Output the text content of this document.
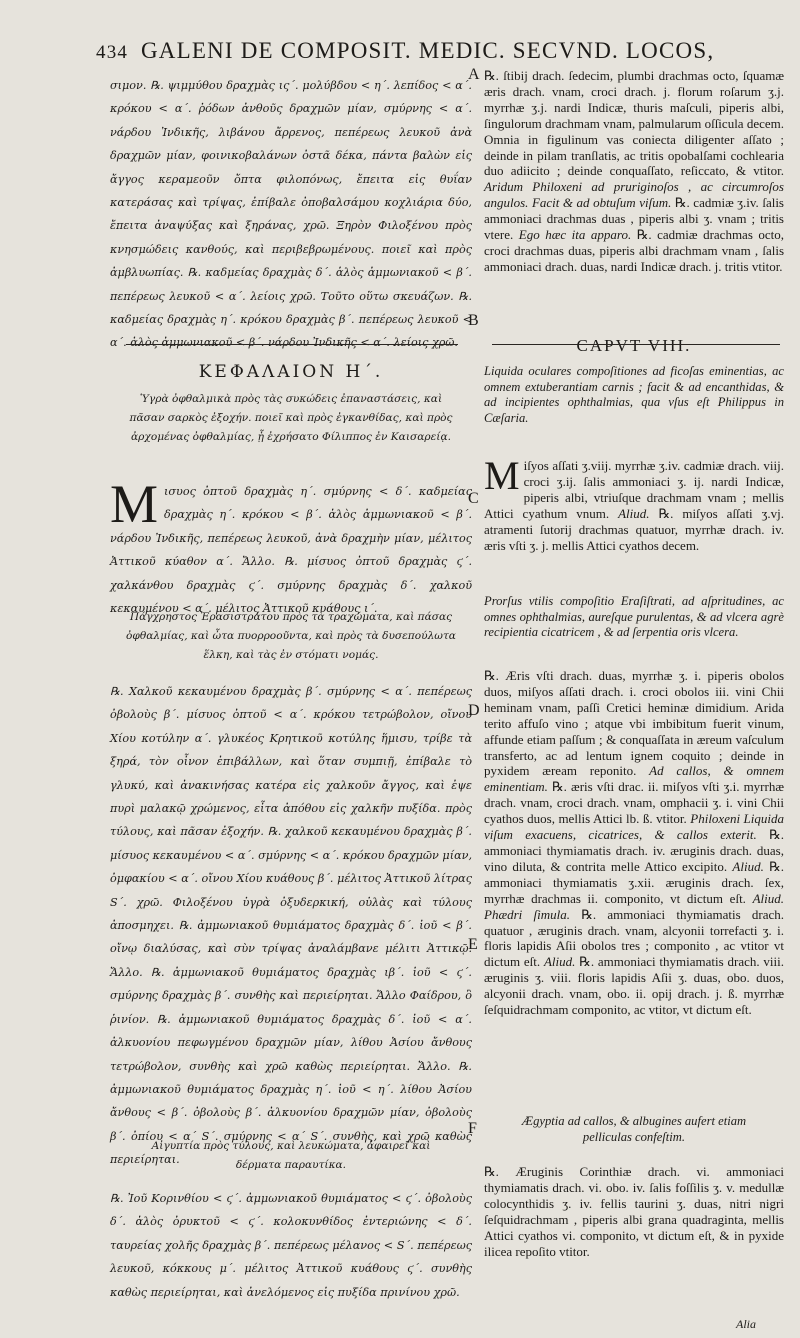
434 GALENI DE COMPOSIT. MEDIC. SECVND. LOCOS,
A
B
C
D
E
F

σιμον. ℞. ψιμμύθου δραχμὰς ις΄. μολύβδου < η΄. λεπίδος < α΄. κρόκου < α΄. ῥόδων ἀνθοῦς δραχμῶν μίαν, σμύρνης < α΄. νάρδου Ἰνδικῆς, λιβάνου ἄρρενος, πεπέρεως λευκοῦ ἀνὰ δραχμῶν μίαν, φοινικοβαλάνων ὀστᾶ δέκα, πάντα βαλὼν εἰς ἄγγος κεραμεοῦν ὄπτα φιλοπόνως, ἔπειτα εἰς θυΐαν κατεράσας καὶ τρίψας, ἐπίβαλε ὀποβαλσάμου κοχλιάρια δύο, ἔπειτα ἀναψύξας καὶ ξηράνας, χρῶ. Ξηρὸν Φιλοξένου πρὸς κνησμώδεις κανθούς, καὶ περιβεβρωμένους. ποιεῖ καὶ πρὸς ἀμβλυωπίας. ℞. καδμείας δραχμὰς δ΄. ἁλὸς ἀμμωνιακοῦ < β΄. πεπέρεως λευκοῦ < α΄. λείοις χρῶ. Τοῦτο οὕτω σκευάζων. ℞. καδμείας δραχμὰς η΄. κρόκου δραχμὰς β΄. πεπέρεως λευκοῦ < α΄. ἁλὸς ἀμμωνιακοῦ < β΄. νάρδου Ἰνδικῆς < α΄. λείοις χρῶ.

ΚΕΦΑΛΑΙΟΝ Η΄.

Ὑγρὰ ὀφθαλμικὰ πρὸς τὰς συκώδεις ἐπαναστάσεις, καὶ πᾶσαν σαρκὸς ἐξοχήν. ποιεῖ καὶ πρὸς ἐγκανθίδας, καὶ πρὸς ἀρχομένας ὀφθαλμίας, ᾗ ἐχρήσατο Φίλιππος ἐν Καισαρείᾳ.

M ισυος ὀπτοῦ δραχμὰς η΄. σμύρνης < δ΄. καδμείας δραχμὰς η΄. κρόκου < β΄. ἁλὸς ἀμμωνιακοῦ < β΄. νάρδου Ἰνδικῆς, πεπέρεως λευκοῦ, ἀνὰ δραχμὴν μίαν, μέλιτος Ἀττικοῦ κύαθον α΄. Ἄλλο. ℞. μίσυος ὀπτοῦ δραχμὰς ϛ΄. χαλκάνθου δραχμὰς ϛ΄. σμύρνης δραχμὰς δ΄. χαλκοῦ κεκαυμένου < α΄. μέλιτος Ἀττικοῦ κυάθους ι΄.

Πάγχρηστος Ἐρασιστράτου πρὸς τὰ τραχώματα, καὶ πάσας ὀφθαλμίας, καὶ ὦτα πυορροοῦντα, καὶ πρὸς τὰ δυσεπούλωτα ἕλκη, καὶ τὰς ἐν στόματι νομάς.

℞. Χαλκοῦ κεκαυμένου δραχμὰς β΄. σμύρνης < α΄. πεπέρεως ὀβολοὺς β΄. μίσυος ὀπτοῦ < α΄. κρόκου τετρώβολον, οἴνου Χίου κοτύλην α΄. γλυκέος Κρητικοῦ κοτύλης ἥμισυ, τρίβε τὰ ξηρά, τὸν οἶνον ἐπιβάλλων, καὶ ὅταν συμπιῇ, ἐπίβαλε τὸ γλυκύ, καὶ ἀνακινήσας κατέρα εἰς χαλκοῦν ἄγγος, καὶ ἐψε πυρὶ μαλακῷ χρώμενος, εἶτα ἀπόθου εἰς χαλκῆν πυξίδα. πρὸς τύλους, καὶ πᾶσαν ἐξοχήν. ℞. χαλκοῦ κεκαυμένου δραχμὰς β΄. μίσυος κεκαυμένου < α΄. σμύρνης < α΄. κρόκου δραχμῶν μίαν, ὀμφακίου < α΄. οἴνου Χίου κυάθους β΄. μέλιτος Ἀττικοῦ λίτρας S΄. χρῶ. Φιλοξένου ὑγρὰ ὀξυδερκική, οὐλὰς καὶ τύλους ἀποσμηχει. ℞. ἀμμωνιακοῦ θυμιάματος δραχμὰς δ΄. ἰοῦ < β΄. οἴνῳ διαλύσας, καὶ σὺν τρίψας ἀναλάμβανε μέλιτι Ἀττικῷ. Ἄλλο. ℞. ἀμμωνιακοῦ θυμιάματος δραχμὰς ιβ΄. ἰοῦ < ϛ΄. σμύρνης δραχμὰς β΄. συνθὴς καὶ περιείρηται. Ἄλλο Φαίδρου, ὃ ῥινίον. ℞. ἀμμωνιακοῦ θυμιάματος δραχμὰς δ΄. ἰοῦ < α΄. ἀλκυονίου πεφωγμένου δραχμῶν μίαν, λίθου Ἀσίου ἄνθους τετρώβολον, συνθὴς καὶ χρῶ καθὼς περιείρηται. Ἄλλο. ℞. ἀμμωνιακοῦ θυμιάματος δραχμὰς η΄. ἰοῦ < η΄. λίθου Ἀσίου ἄνθους < β΄. ὀβολοὺς β΄. ἀλκυονίου δραχμῶν μίαν, ὀβολοὺς β΄. ὀπίου < α΄ S΄. σμύρνης < α΄ S΄. συνθὴς, καὶ χρῶ καθὼς περιείρηται.

Αἰγυπτία πρὸς τύλους, καὶ λευκώματα, ἀφαιρεῖ καὶ δέρματα παραυτίκα.

℞. Ἰοῦ Κορινθίου < ϛ΄. ἀμμωνιακοῦ θυμιάματος < ϛ΄. ὀβολοὺς δ΄. ἁλὸς ὀρυκτοῦ < ϛ΄. κολοκυνθίδος ἐντεριώνης < δ΄. ταυρείας χολῆς δραχμὰς β΄. πεπέρεως μέλανος < S΄. πεπέρεως λευκοῦ, κόκκους μ΄. μέλιτος Ἀττικοῦ κυάθους ϛ΄. συνθὴς καθὼς περιείρηται, καὶ ἀνελόμενος εἰς πυξίδα πρινίνου χρῶ.

℞. ſtibij drach. ſedecim, plumbi drachmas octo, ſquamæ æris drach. vnam, croci drach. j. florum roſarum ʒ.j. myrrhæ ʒ.j. nardi Indicæ, thuris maſculi, piperis albi, ſingulorum drachmam vnam, palmularum oſſicula decem. Omnia in figulinum vas coniecta diligenter aſſato ; deinde in pilam tranſlatis, ac tritis opobalſami cochlearia duo adiicito ; deinde conquaſſato, reſiccato, & vtitor. Aridum Philoxeni ad pruriginoſos , ac circumroſos angulos. Facit & ad obtuſum viſum. ℞. cadmiæ ʒ.iv. ſalis ammoniaci drachmas duas , piperis albi ʒ. vnam ; tritis vtere. Ego hæc ita apparo. ℞. cadmiæ drachmas octo, croci drachmas duas, piperis albi drachmam vnam , ſalis ammoniaci drach. duas, nardi Indicæ drach. j. tritis vtitor.

CAPVT VIII.

Liquida oculares compoſitiones ad ficoſas eminentias, ac omnem extuberantiam carnis ; facit & ad encanthidas, & ad incipientes ophthalmias, qua vſus eſt Philippus in Cæſaria.

M iſyos aſſati ʒ.viij. myrrhæ ʒ.iv. cadmiæ drach. viij. croci ʒ.ij. ſalis ammoniaci ʒ. ij. nardi Indicæ, piperis albi, vtriuſque drachmam vnam ; mellis Attici cyathum vnum. Aliud. ℞. miſyos aſſati ʒ.vj. atramenti ſutorij drachmas quatuor, myrrhæ drach. iv. æris vſti ʒ. j. mellis Attici cyathos decem.

Prorſus vtilis compoſitio Eraſiſtrati, ad aſpritudines, ac omnes ophthalmias, aureſque purulentas, & ad vlcera agrè recipientia cicatricem , & ad ſerpentia oris vlcera.

℞. Æris vſti drach. duas, myrrhæ ʒ. i. piperis obolos duos, miſyos aſſati drach. i. croci obolos iii. vini Chii heminam vnam, paſſi Cretici heminæ dimidium. Arida terito affuſo vino ; atque vbi imbibitum fuerit vinum, affunde etiam paſſum ; & conquaſſata in æreum vaſculum transferto, ac ad lentum ignem coquito ; deinde in pyxidem æream reponito. Ad callos, & omnem eminentiam. ℞. æris vſti drac. ii. miſyos vſti ʒ.i. myrrhæ drach. vnam, croci drach. vnam, omphacii ʒ. i. vini Chii cyathos duos, mellis Attici lb. ß. vtitor. Philoxeni Liquida viſum exacuens, cicatrices, & callos exterit. ℞. ammoniaci thymiamatis drach. iv. æruginis drach. duas, vino diluta, & contrita melle Attico excipito. Aliud. ℞. ammoniaci thymiamatis ʒ.xii. æruginis drach. ſex, myrrhæ drachmas ii. componito, vt dictum eſt. Aliud. Phædri ſimula. ℞. ammoniaci thymiamatis drach. quatuor , æruginis drach. vnam, alcyonii torrefacti ʒ. i. floris lapidis Aſii obolos tres ; componito , ac vtitor vt dictum eſt. Aliud. ℞. ammoniaci thymiamatis drach. viii. æruginis ʒ. viii. floris lapidis Aſii ʒ. duas, obo. duos, alcyonii drach. vnam, obo. ii. opij drach. j. ß. myrrhæ ſeſquidrachmam componito, ac vtitor, vt dictum eſt.

Ægyptia ad callos, & albugines aufert etiam pelliculas confeſtim.

℞. Æruginis Corinthiæ drach. vi. ammoniaci thymiamatis drach. vi. obo. iv. ſalis foſſilis ʒ. v. medullæ colocynthidis ʒ. iv. fellis taurini ʒ. duas, nitri nigri ſeſquidrachmam , piperis albi grana quadraginta, mellis Attici cyathos vi. componito, vt dictum eſt, & in pyxide ilicea repoſito vtitor.

Alia
